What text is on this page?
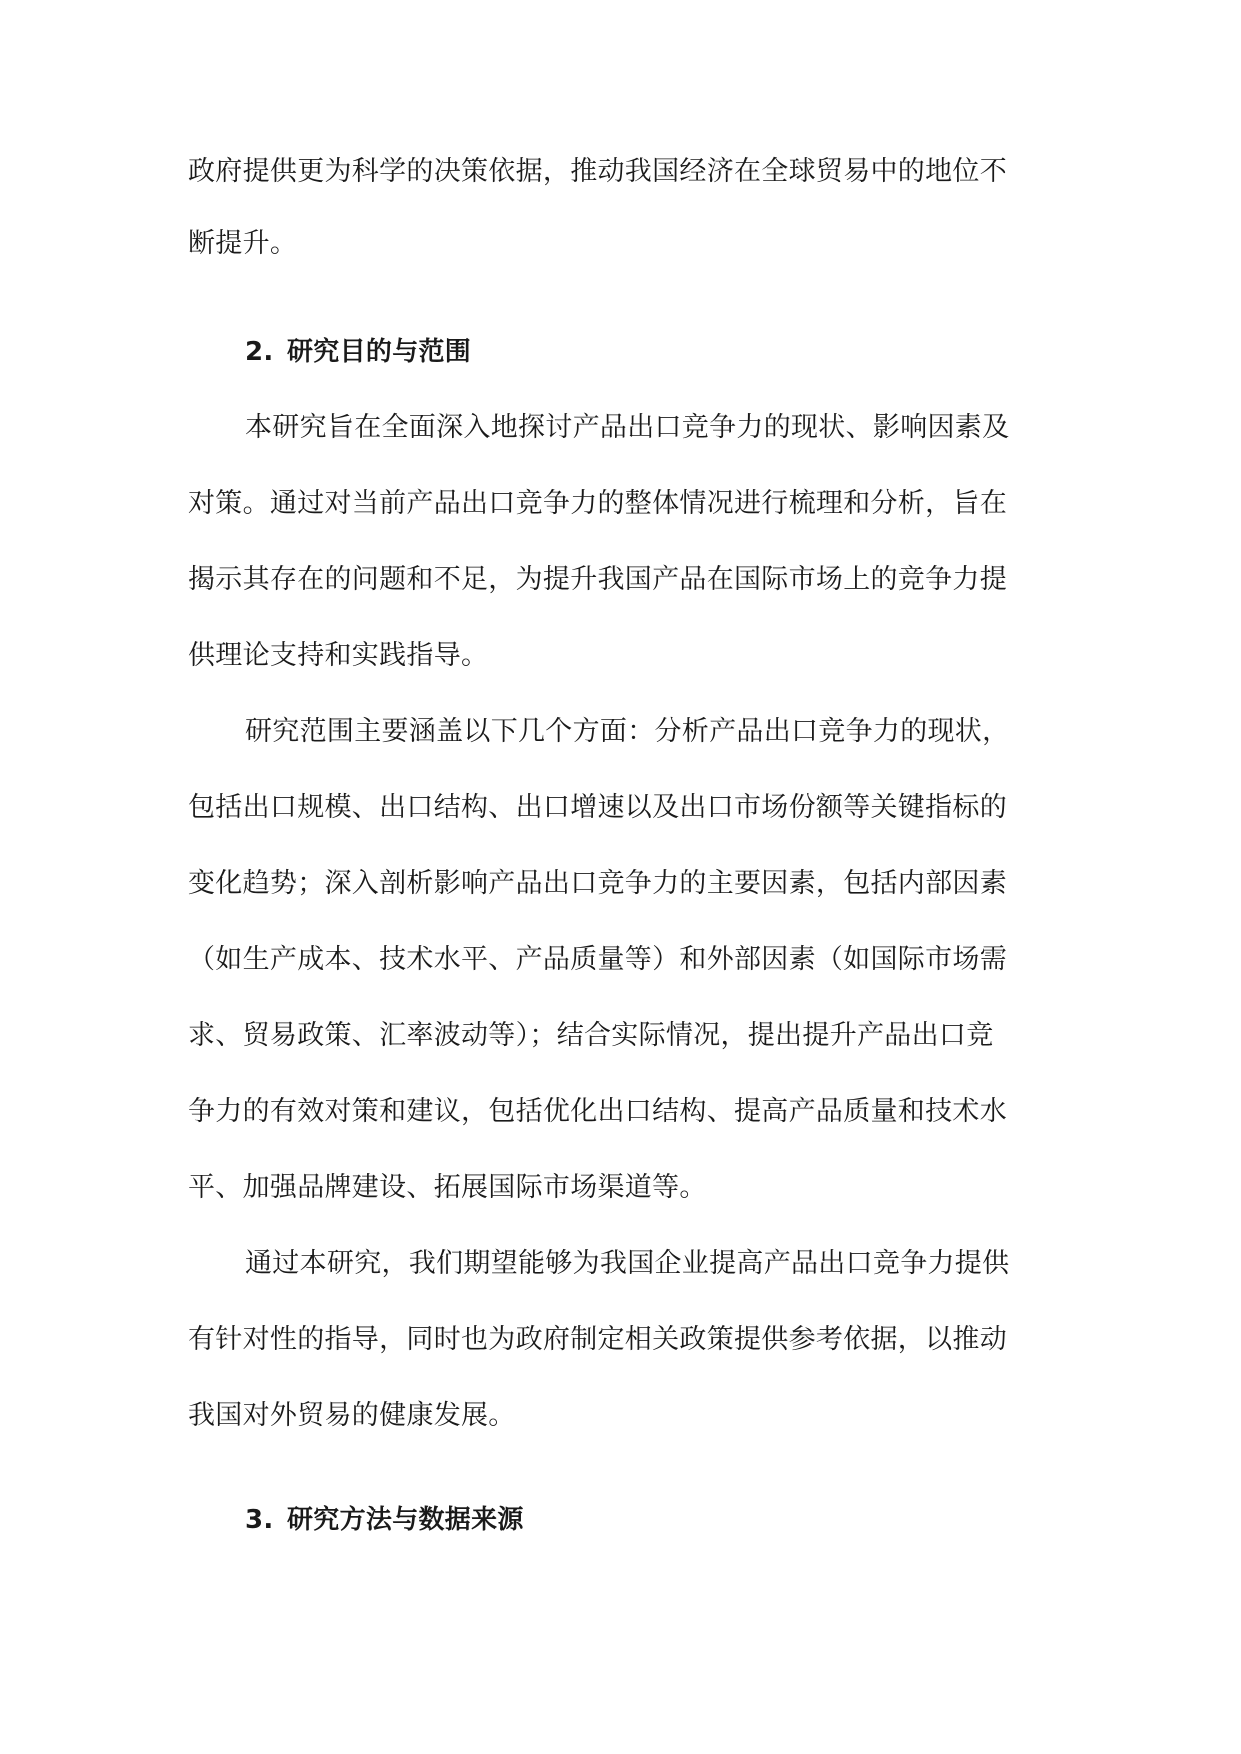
政府提供更为科学的决策依据，推动我国经济在全球贸易中的地位不
断提升。
2. 研究目的与范围
本研究旨在全面深入地探讨产品出口竞争力的现状、影响因素及
对策。通过对当前产品出口竞争力的整体情况进行梳理和分析，旨在
揭示其存在的问题和不足，为提升我国产品在国际市场上的竞争力提
供理论支持和实践指导。
研究范围主要涵盖以下几个方面：分析产品出口竞争力的现状，
包括出口规模、出口结构、出口增速以及出口市场份额等关键指标的
变化趋势；深入剖析影响产品出口竞争力的主要因素，包括内部因素
（如生产成本、技术水平、产品质量等）和外部因素（如国际市场需
求、贸易政策、汇率波动等）；结合实际情况，提出提升产品出口竞
争力的有效对策和建议，包括优化出口结构、提高产品质量和技术水
平、加强品牌建设、拓展国际市场渠道等。
通过本研究，我们期望能够为我国企业提高产品出口竞争力提供
有针对性的指导，同时也为政府制定相关政策提供参考依据，以推动
我国对外贸易的健康发展。
3. 研究方法与数据来源
